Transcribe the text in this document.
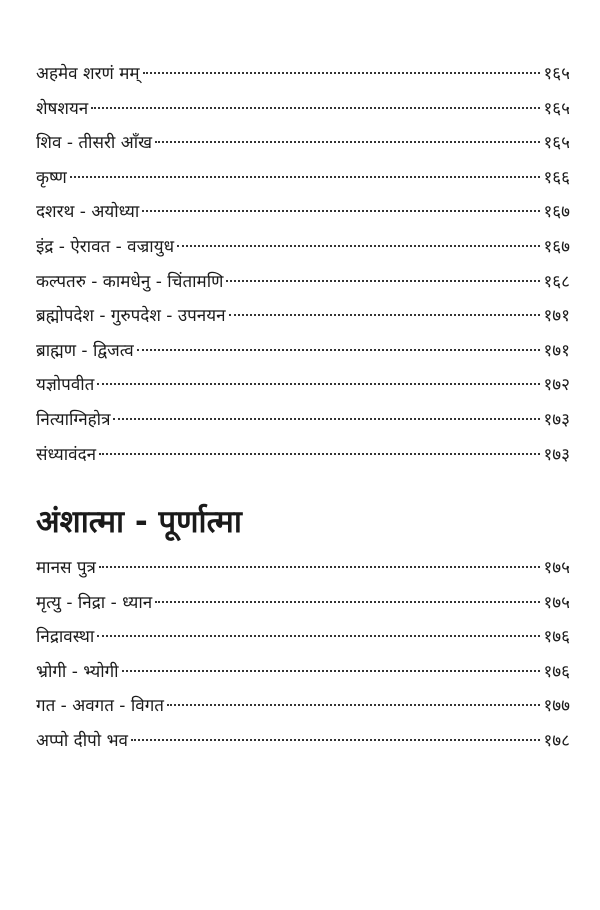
अहमेव शरणं मम्	१६५
शेषशयन	१६५
शिव - तीसरी आँख	१६५
कृष्ण	१६६
दशरथ - अयोध्या	१६७
इंद्र - ऐरावत - वज्रायुध	१६७
कल्पतरु - कामधेनु - चिंतामणि	१६८
ब्रह्मोपदेश - गुरुपदेश - उपनयन	१७१
ब्राह्मण - द्विजत्व	१७१
यज्ञोपवीत	१७२
नित्याग्निहोत्र	१७३
संध्यावंदन	१७३
अंशात्मा - पूर्णात्मा
मानस पुत्र	१७५
मृत्यु - निद्रा - ध्यान	१७५
निद्रावस्था	१७६
भ्रोगी - भ्योगी	१७६
गत - अवगत - विगत	१७७
अप्पो दीपो भव	१७८
